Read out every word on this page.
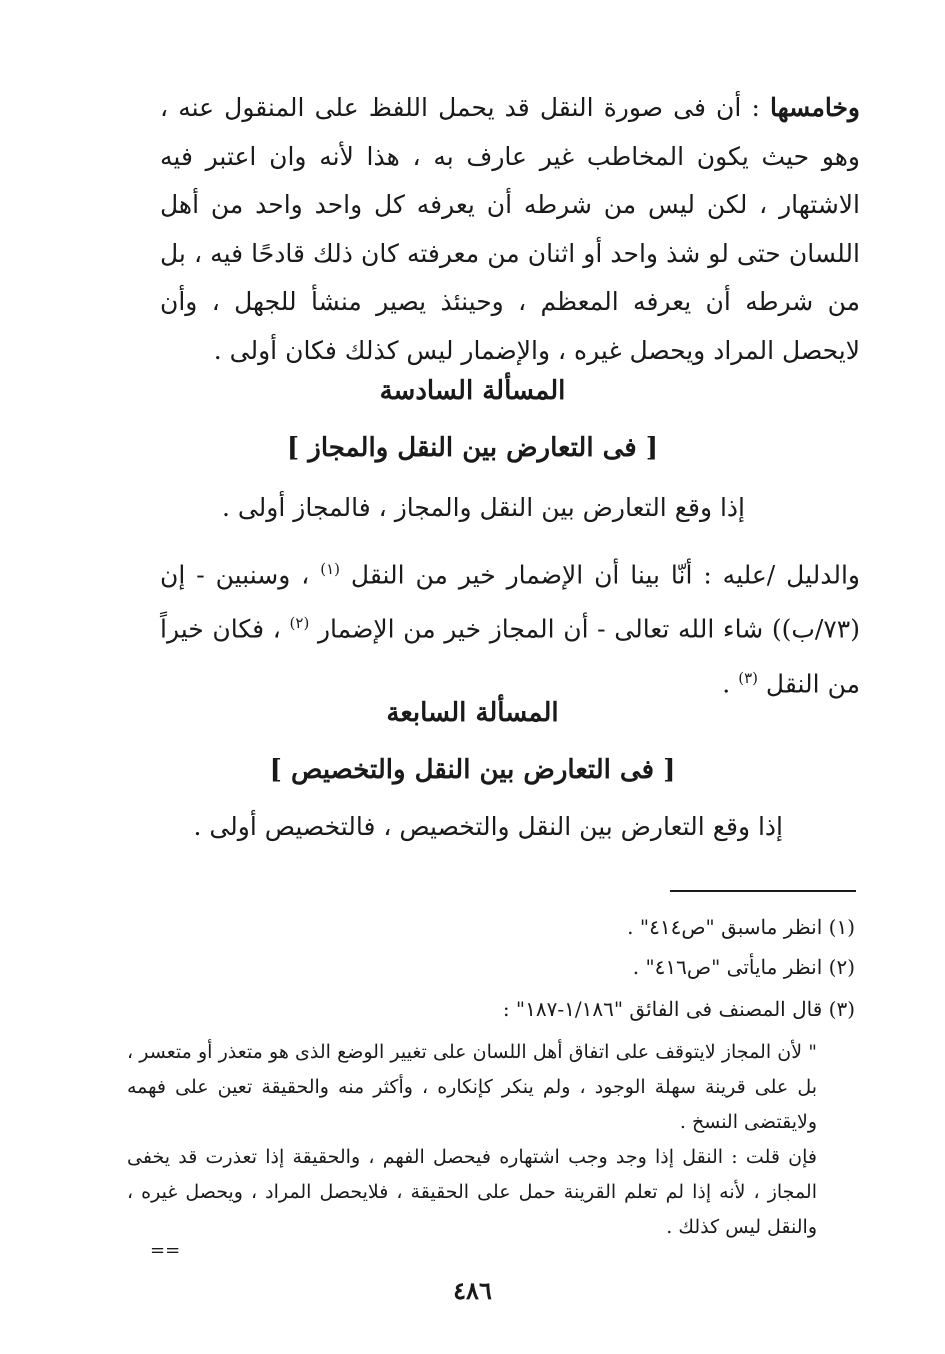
وخامسها : أن فى صورة النقل قد يحمل اللفظ على المنقول عنه ، وهو حيث يكون المخاطب غير عارف به ، هذا لأنه وان اعتبر فيه الاشتهار ، لكن ليس من شرطه أن يعرفه كل واحد واحد من أهل اللسان حتى لو شذ واحد أو اثنان من معرفته كان ذلك قادحًا فيه ، بل من شرطه أن يعرفه المعظم ، وحينئذ يصير منشأ للجهل ، وأن لايحصل المراد ويحصل غيره ، والإضمار ليس كذلك فكان أولى .

المسألة السادسة
[ فى التعارض بين النقل والمجاز ]
إذا وقع التعارض بين النقل والمجاز ، فالمجاز أولى .

والدليل /عليه : أنّا بينا أن الإضمار خير من النقل $^{(١)}$ ، وسنبين - إن (٧٣/ب)) شاء الله تعالى - أن المجاز خير من الإضمار $^{(٢)}$ ، فكان خيراً من النقل $^{(٣)}$ .

المسألة السابعة
[ فى التعارض بين النقل والتخصيص ]
إذا وقع التعارض بين النقل والتخصيص ، فالتخصيص أولى .
(١) انظر ماسبق "ص٤١٤" .
(٢) انظر مايأتى "ص٤١٦" .
(٣) قال المصنف فى الفائق "١/١٨٦-١٨٧" :

" لأن المجاز لايتوقف على اتفاق أهل اللسان على تغيير الوضع الذى هو متعذر أو متعسر ، بل على قرينة سهلة الوجود ، ولم ينكر كإنكاره ، وأكثر منه والحقيقة تعين على فهمه ولايقتضى النسخ .

فإن قلت : النقل إذا وجد وجب اشتهاره فيحصل الفهم ، والحقيقة إذا تعذرت قد يخفى المجاز ، لأنه إذا لم تعلم القرينة حمل على الحقيقة ، فلايحصل المراد ، ويحصل غيره ، والنقل ليس كذلك .

==
٤٨٦
